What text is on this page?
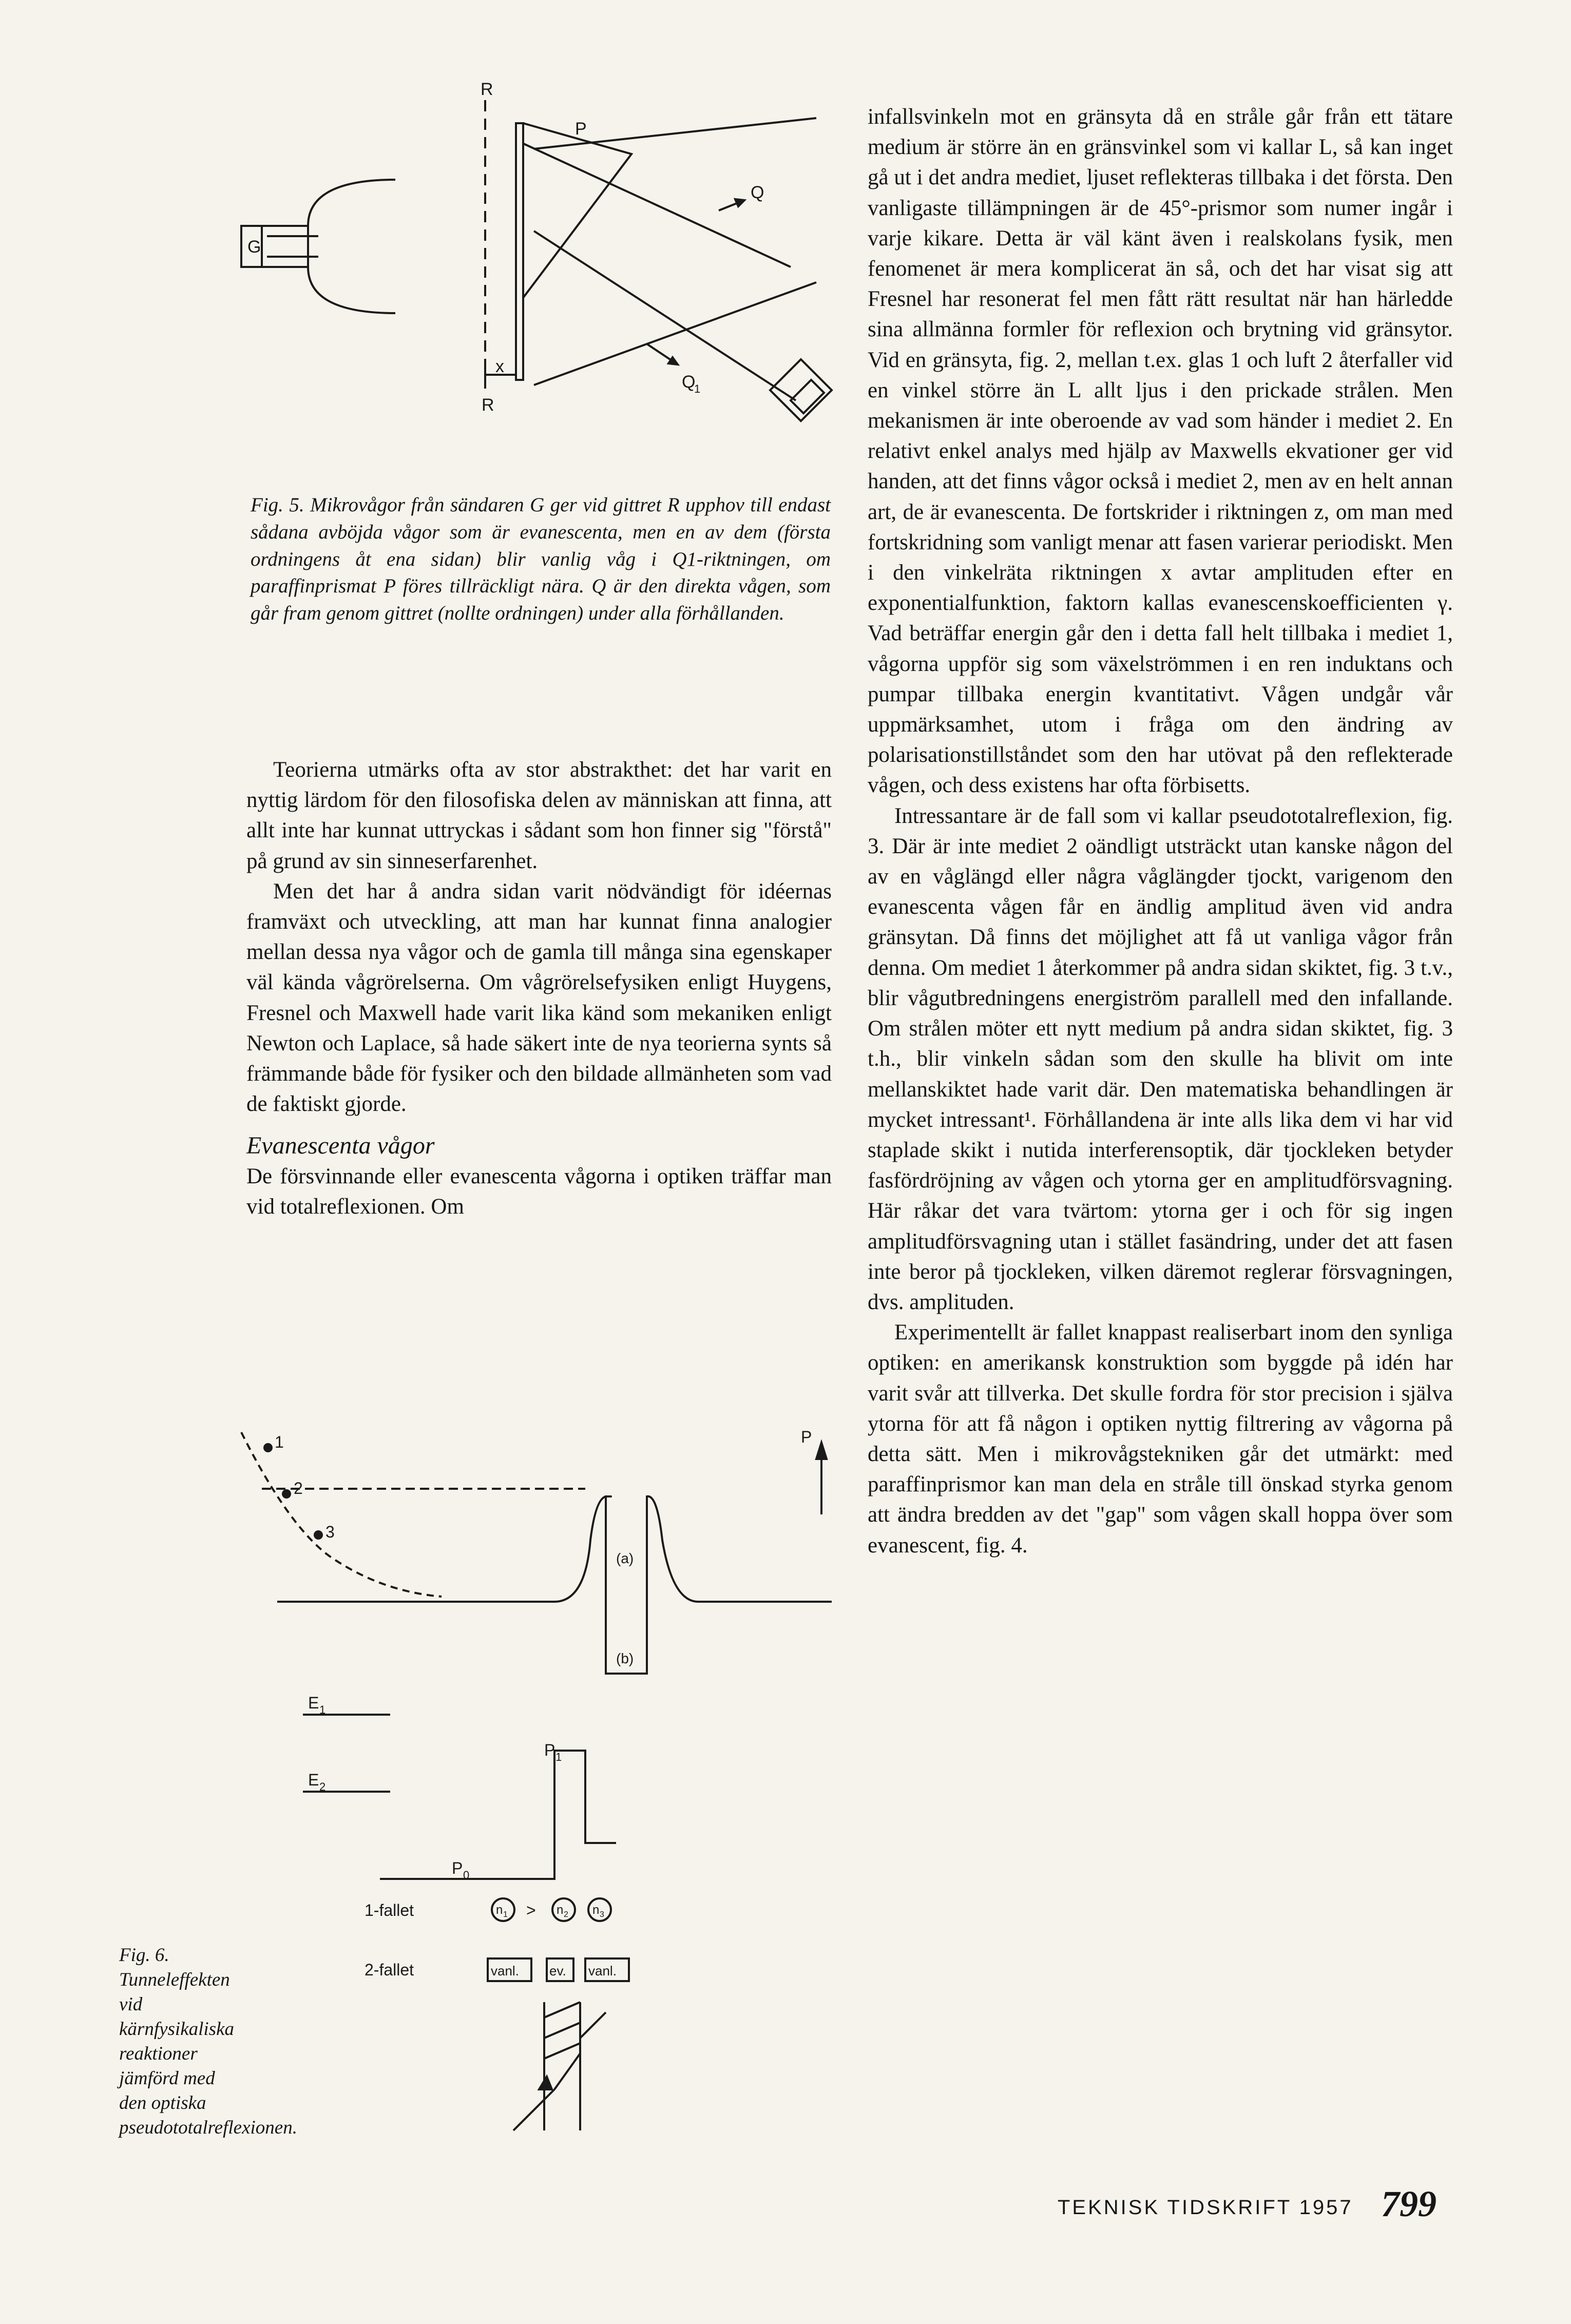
R
P
Q
G
Q
1
R
x
Fig. 5. Mikrovågor från sändaren G ger vid gittret R upphov till endast sådana avböjda vågor som är evanescenta, men en av dem (första ordningens åt ena sidan) blir vanlig våg i Q1-riktningen, om paraffinprismat P föres tillräckligt nära. Q är den direkta vågen, som går fram genom gittret (nollte ordningen) under alla förhållanden.

Teorierna utmärks ofta av stor abstrakthet: det har varit en nyttig lärdom för den filosofiska delen av människan att finna, att allt inte har kunnat uttryckas i sådant som hon finner sig "förstå" på grund av sin sinneserfarenhet.

Men det har å andra sidan varit nödvändigt för idéernas framväxt och utveckling, att man har kunnat finna analogier mellan dessa nya vågor och de gamla till många sina egenskaper väl kända vågrörelserna. Om vågrörelsefysiken enligt Huygens, Fresnel och Maxwell hade varit lika känd som mekaniken enligt Newton och Laplace, så hade säkert inte de nya teorierna synts så främmande både för fysiker och den bildade allmänheten som vad de faktiskt gjorde.

Evanescenta vågor

De försvinnande eller evanescenta vågorna i optiken träffar man vid totalreflexionen. Om

1
2
3
P
(a)
(b)
E 1
E 2
P 1
P 0
1-fallet	n 1 > n 2 n 3
2-fallet	vanl. ev. vanl.
Fig. 6. Tunneleffekten vid kärnfysikaliska reaktioner jämförd med den optiska pseudototalreflexionen.

infallsvinkeln mot en gränsyta då en stråle går från ett tätare medium är större än en gränsvinkel som vi kallar L, så kan inget gå ut i det andra mediet, ljuset reflekteras tillbaka i det första. Den vanligaste tillämpningen är de 45°-prismor som numer ingår i varje kikare. Detta är väl känt även i realskolans fysik, men fenomenet är mera komplicerat än så, och det har visat sig att Fresnel har resonerat fel men fått rätt resultat när han härledde sina allmänna formler för reflexion och brytning vid gränsytor. Vid en gränsyta, fig. 2, mellan t.ex. glas 1 och luft 2 återfaller vid en vinkel större än L allt ljus i den prickade strålen. Men mekanismen är inte oberoende av vad som händer i mediet 2. En relativt enkel analys med hjälp av Maxwells ekvationer ger vid handen, att det finns vågor också i mediet 2, men av en helt annan art, de är evanescenta. De fortskrider i riktningen z, om man med fortskridning som vanligt menar att fasen varierar periodiskt. Men i den vinkelräta riktningen x avtar amplituden efter en exponentialfunktion, faktorn kallas evanescenskoefficienten γ. Vad beträffar energin går den i detta fall helt tillbaka i mediet 1, vågorna uppför sig som växelströmmen i en ren induktans och pumpar tillbaka energin kvantitativt. Vågen undgår vår uppmärksamhet, utom i fråga om den ändring av polarisationstillståndet som den har utövat på den reflekterade vågen, och dess existens har ofta förbisetts.

Intressantare är de fall som vi kallar pseudototalreflexion, fig. 3. Där är inte mediet 2 oändligt utsträckt utan kanske någon del av en våglängd eller några våglängder tjockt, varigenom den evanescenta vågen får en ändlig amplitud även vid andra gränsytan. Då finns det möjlighet att få ut vanliga vågor från denna. Om mediet 1 återkommer på andra sidan skiktet, fig. 3 t.v., blir vågutbredningens energiström parallell med den infallande. Om strålen möter ett nytt medium på andra sidan skiktet, fig. 3 t.h., blir vinkeln sådan som den skulle ha blivit om inte mellanskiktet hade varit där. Den matematiska behandlingen är mycket intressant¹. Förhållandena är inte alls lika dem vi har vid staplade skikt i nutida interferensoptik, där tjockleken betyder fasfördröjning av vågen och ytorna ger en amplitudförsvagning. Här råkar det vara tvärtom: ytorna ger i och för sig ingen amplitudförsvagning utan i stället fasändring, under det att fasen inte beror på tjockleken, vilken däremot reglerar försvagningen, dvs. amplituden.

Experimentellt är fallet knappast realiserbart inom den synliga optiken: en amerikansk konstruktion som byggde på idén har varit svår att tillverka. Det skulle fordra för stor precision i själva ytorna för att få någon i optiken nyttig filtrering av vågorna på detta sätt. Men i mikrovågstekniken går det utmärkt: med paraffinprismor kan man dela en stråle till önskad styrka genom att ändra bredden av det "gap" som vågen skall hoppa över som evanescent, fig. 4.

TEKNISK TIDSKRIFT 1957 799
